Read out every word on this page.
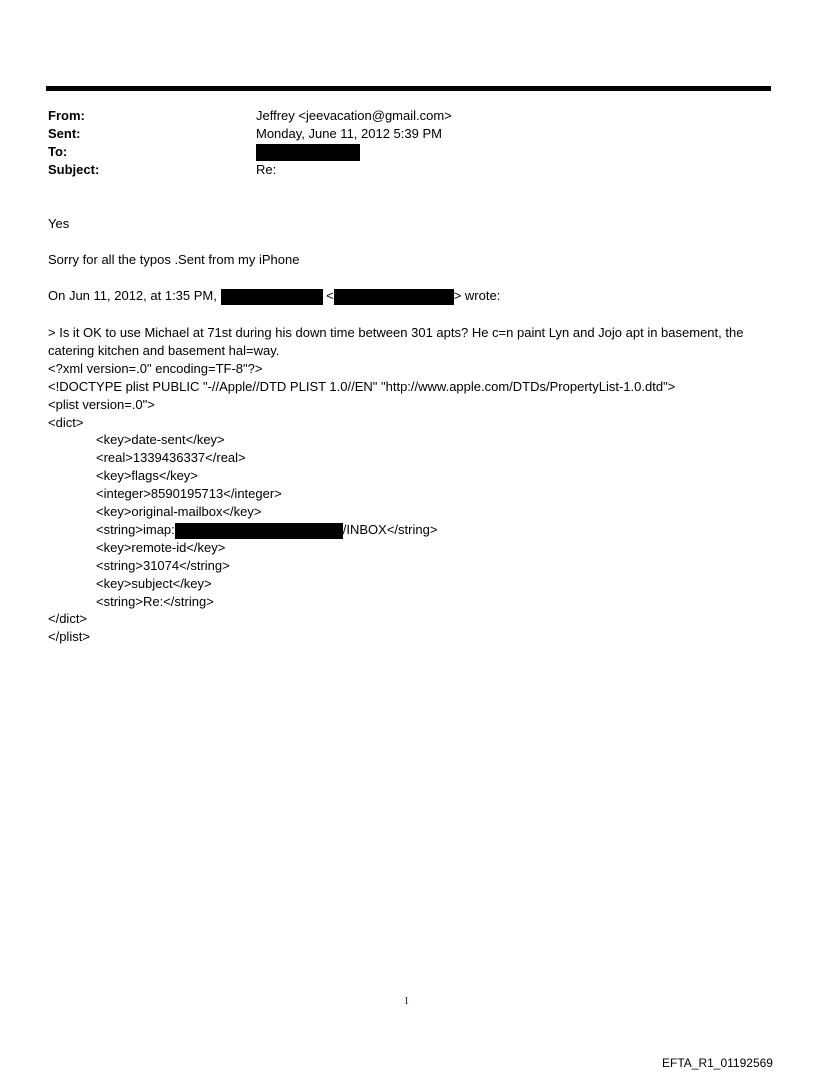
From:	Jeffrey <jeevacation@gmail.com>
Sent:	Monday, June 11, 2012 5:39 PM
To:
Subject:	Re:
Yes
Sorry for all the typos .Sent from my iPhone
On Jun 11, 2012, at 1:35 PM,	<	> wrote:
> Is it OK to use Michael at 71st during his down time between 301 apts? He c=n paint Lyn and Jojo apt in basement, the
catering kitchen and basement hal=way.
<?xml version=.0" encoding=TF-8"?>
<!DOCTYPE plist PUBLIC "-//Apple//DTD PLIST 1.0//EN" "http://www.apple.com/DTDs/PropertyList-1.0.dtd">
<plist version=.0">
<dict>
<key>date-sent</key>
<real>1339436337</real>
<key>flags</key>
<integer>8590195713</integer>
<key>original-mailbox</key>
<string>imap:	/INBOX</string>
<key>remote-id</key>
<string>31074</string>
<key>subject</key>
<string>Re:</string>
</dict>
</plist>
1
EFTA_R1_01192569
